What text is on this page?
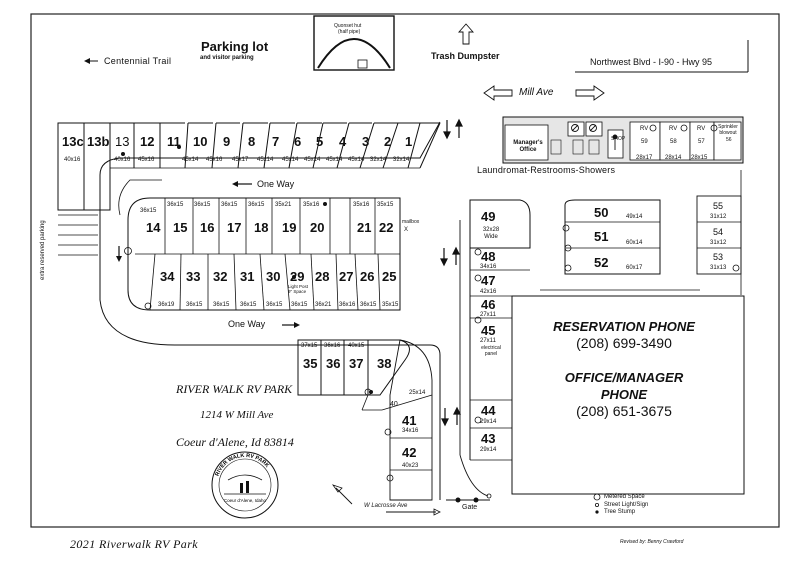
RIVER WALK RV PARK
Coeur d'Alene, Idaho
Parking lot
and visitor parking
Centennial Trail
Quonset hut
(half pipe)
Trash Dumpster
Northwest Blvd - I-90 - Hwy 95
Mill Ave
One Way
One Way
Laundromat-Restrooms-Showers
extra reserved parking
Manager's Office
SHOP
Sprinkler blowout
56
mailbox
X
Light Post 9" Space
electrical panel
13c
40x16
13b 13
40x16
12
45x16
11
45x14
10
45x16
9
45x17
8
45x14
7
45x14
6
45x14
5
45x14
4
45x14
3 2
32x14
1
32x14
36x15
14
36x15
15
36x15
16
36x15
17
36x15
18
35x21
19
35x16
20
35x16
21
35x15
22
34
36x19
33
36x15
32
36x15
31
36x15
30
36x15
29
36x15
28
36x21
27
36x16
26
36x15
25
35x15
37x15
35
36x16
36
40x15
37 38
40
25x14
41
34x16
42
40x23
49
32x28 Wide
48
34x16
47
42x16
46
27x11
45
27x11
44
29x14
43
29x14
RV
59
28x17
RV
58
28x14
RV
57
28x15
50	49x14
51	60x14
52	60x17
55
31x12
54
31x12
53
31x13
RESERVATION PHONE
(208) 699-3490
OFFICE/MANAGER
PHONE
(208) 651-3675
RIVER WALK RV PARK
1214 W Mill Ave
Coeur d'Alene, Id 83814
W Lacrosse Ave	Gate
Metered Space
Street Light/Sign
Tree Stump
2021 Riverwalk RV Park	Revised by: Benny Crawford
